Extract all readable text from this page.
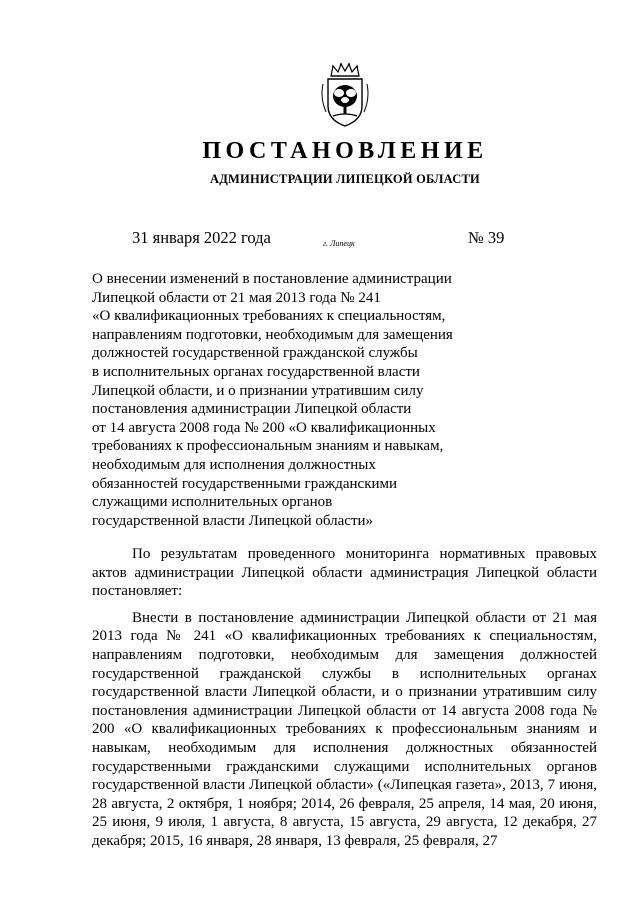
ПОСТАНОВЛЕНИЕ
АДМИНИСТРАЦИИ ЛИПЕЦКОЙ ОБЛАСТИ
31 января 2022 года	г. Липецк	№ 39
О внесении изменений в постановление администрации
Липецкой области от 21 мая 2013 года № 241
«О квалификационных требованиях к специальностям,
направлениям подготовки, необходимым для замещения
должностей государственной гражданской службы
в исполнительных органах государственной власти
Липецкой области, и о признании утратившим силу
постановления администрации Липецкой области
от 14 августа 2008 года № 200 «О квалификационных
требованиях к профессиональным знаниям и навыкам,
необходимым для исполнения должностных
обязанностей государственными гражданскими
служащими исполнительных органов
государственной власти Липецкой области»

По результатам проведенного мониторинга нормативных правовых актов администрации Липецкой области администрация Липецкой области постановляет:

Внести в постановление администрации Липецкой области от 21 мая 2013 года № 241 «О квалификационных требованиях к специальностям, направлениям подготовки, необходимым для замещения должностей государственной гражданской службы в исполнительных органах государственной власти Липецкой области, и о признании утратившим силу постановления администрации Липецкой области от 14 августа 2008 года № 200 «О квалификационных требованиях к профессиональным знаниям и навыкам, необходимым для исполнения должностных обязанностей государственными гражданскими служащими исполнительных органов государственной власти Липецкой области» («Липецкая газета», 2013, 7 июня, 28 августа, 2 октября, 1 ноября; 2014, 26 февраля, 25 апреля, 14 мая, 20 июня, 25 июня, 9 июля, 1 августа, 8 августа, 15 августа, 29 августа, 12 декабря, 27 декабря; 2015, 16 января, 28 января, 13 февраля, 25 февраля, 27
